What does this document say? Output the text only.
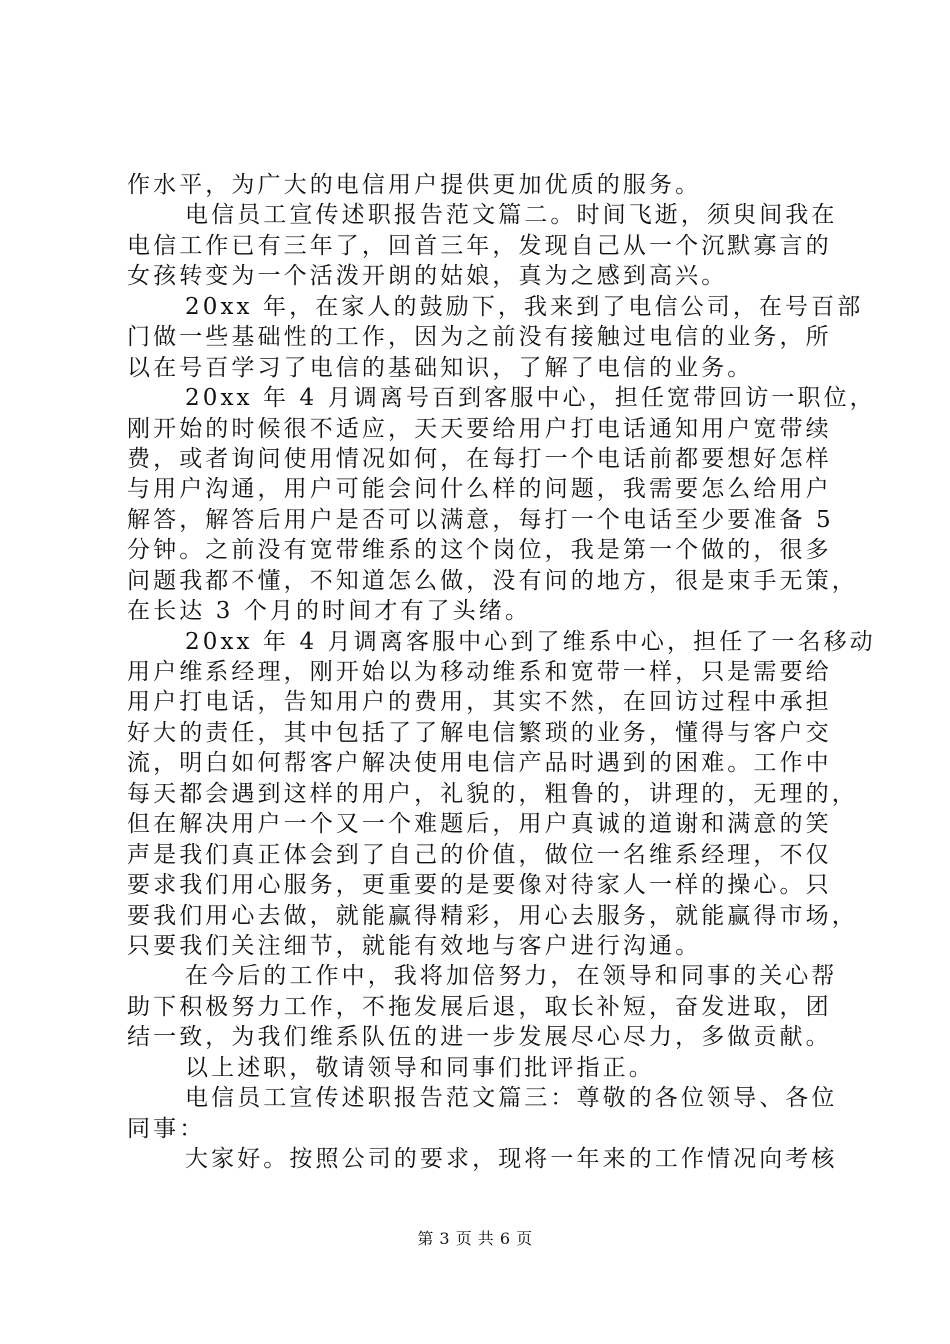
作水平，为广大的电信用户提供更加优质的服务。
电信员工宣传述职报告范文篇二。时间飞逝，须臾间我在
电信工作已有三年了，回首三年，发现自己从一个沉默寡言的
女孩转变为一个活泼开朗的姑娘，真为之感到高兴。
20xx 年，在家人的鼓励下，我来到了电信公司，在号百部
门做一些基础性的工作，因为之前没有接触过电信的业务，所
以在号百学习了电信的基础知识，了解了电信的业务。
20xx 年 4 月调离号百到客服中心，担任宽带回访一职位，
刚开始的时候很不适应，天天要给用户打电话通知用户宽带续
费，或者询问使用情况如何，在每打一个电话前都要想好怎样
与用户沟通，用户可能会问什么样的问题，我需要怎么给用户
解答，解答后用户是否可以满意，每打一个电话至少要准备 5
分钟。之前没有宽带维系的这个岗位，我是第一个做的，很多
问题我都不懂，不知道怎么做，没有问的地方，很是束手无策，
在长达 3 个月的时间才有了头绪。
20xx 年 4 月调离客服中心到了维系中心，担任了一名移动
用户维系经理，刚开始以为移动维系和宽带一样，只是需要给
用户打电话，告知用户的费用，其实不然，在回访过程中承担
好大的责任，其中包括了了解电信繁琐的业务，懂得与客户交
流，明白如何帮客户解决使用电信产品时遇到的困难。工作中
每天都会遇到这样的用户，礼貌的，粗鲁的，讲理的，无理的，
但在解决用户一个又一个难题后，用户真诚的道谢和满意的笑
声是我们真正体会到了自己的价值，做位一名维系经理，不仅
要求我们用心服务，更重要的是要像对待家人一样的操心。只
要我们用心去做，就能赢得精彩，用心去服务，就能赢得市场，
只要我们关注细节，就能有效地与客户进行沟通。
在今后的工作中，我将加倍努力，在领导和同事的关心帮
助下积极努力工作，不拖发展后退，取长补短，奋发进取，团
结一致，为我们维系队伍的进一步发展尽心尽力，多做贡献。
以上述职，敬请领导和同事们批评指正。
电信员工宣传述职报告范文篇三：尊敬的各位领导、各位
同事：
大家好。按照公司的要求，现将一年来的工作情况向考核
第 3 页 共 6 页
